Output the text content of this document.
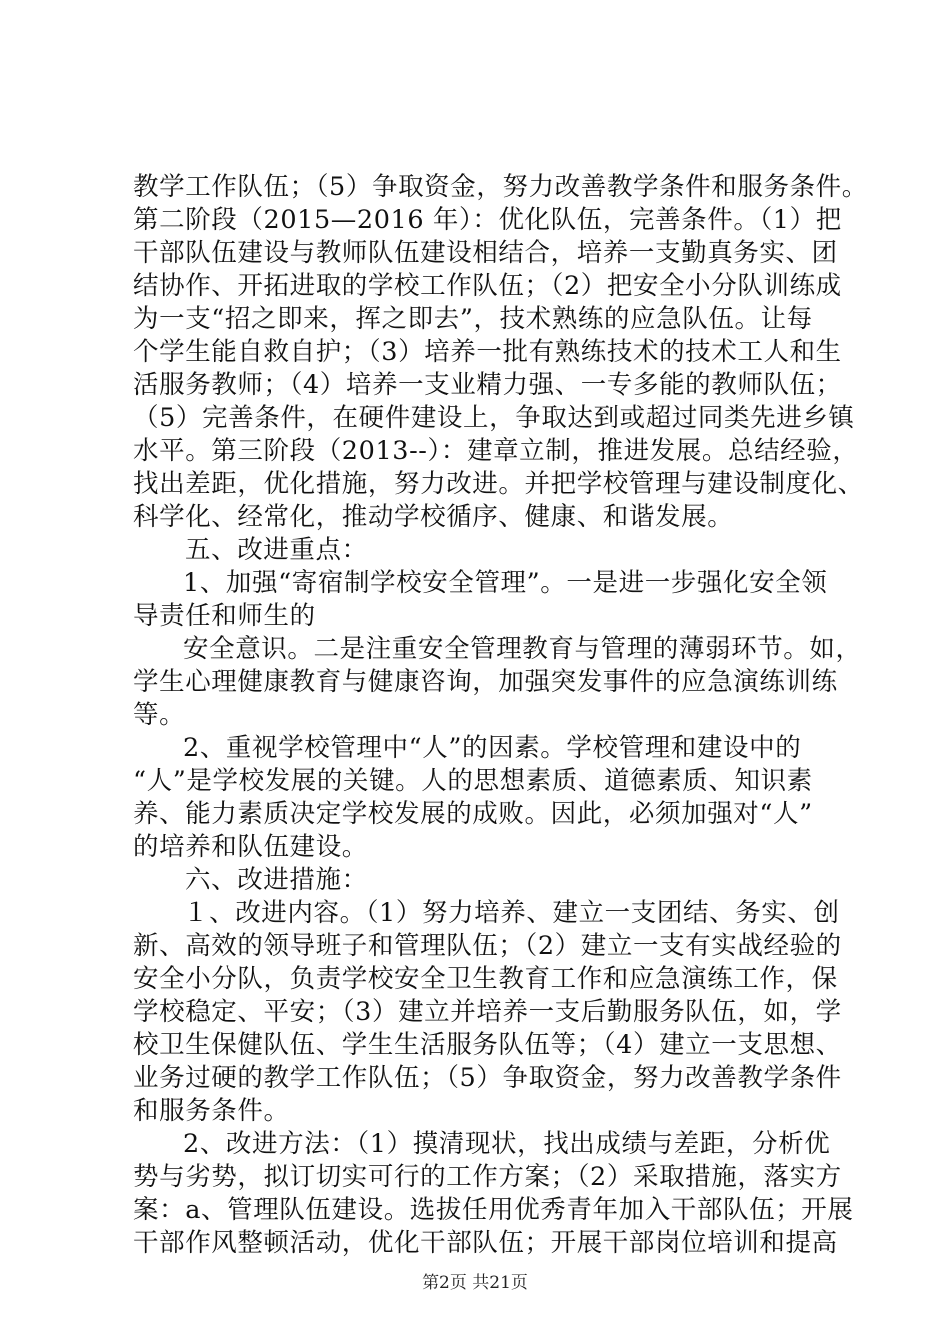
教学工作队伍；（5）争取资金，努力改善教学条件和服务条件。
第二阶段（2015—2016 年）：优化队伍，完善条件。（1）把
干部队伍建设与教师队伍建设相结合，培养一支勤真务实、团
结协作、开拓进取的学校工作队伍；（2）把安全小分队训练成
为一支“招之即来，挥之即去”，技术熟练的应急队伍。让每
个学生能自救自护；（3）培养一批有熟练技术的技术工人和生
活服务教师；（4）培养一支业精力强、一专多能的教师队伍；
（5）完善条件，在硬件建设上，争取达到或超过同类先进乡镇
水平。第三阶段（2013--）：建章立制，推进发展。总结经验，
找出差距，优化措施，努力改进。并把学校管理与建设制度化、
科学化、经常化，推动学校循序、健康、和谐发展。
五、改进重点：
1、加强“寄宿制学校安全管理”。一是进一步强化安全领
导责任和师生的
安全意识。二是注重安全管理教育与管理的薄弱环节。如，
学生心理健康教育与健康咨询，加强突发事件的应急演练训练
等。
2、重视学校管理中“人”的因素。学校管理和建设中的
“人”是学校发展的关键。人的思想素质、道德素质、知识素
养、能力素质决定学校发展的成败。因此，必须加强对“人”
的培养和队伍建设。
六、改进措施：
１、改进内容。（1）努力培养、建立一支团结、务实、创
新、高效的领导班子和管理队伍；（2）建立一支有实战经验的
安全小分队，负责学校安全卫生教育工作和应急演练工作，保
学校稳定、平安；（3）建立并培养一支后勤服务队伍，如，学
校卫生保健队伍、学生生活服务队伍等；（4）建立一支思想、
业务过硬的教学工作队伍；（5）争取资金，努力改善教学条件
和服务条件。
2、改进方法：（1）摸清现状，找出成绩与差距，分析优
势与劣势，拟订切实可行的工作方案；（2）采取措施，落实方
案：a、管理队伍建设。选拔任用优秀青年加入干部队伍；开展
干部作风整顿活动，优化干部队伍；开展干部岗位培训和提高
第2页 共21页
